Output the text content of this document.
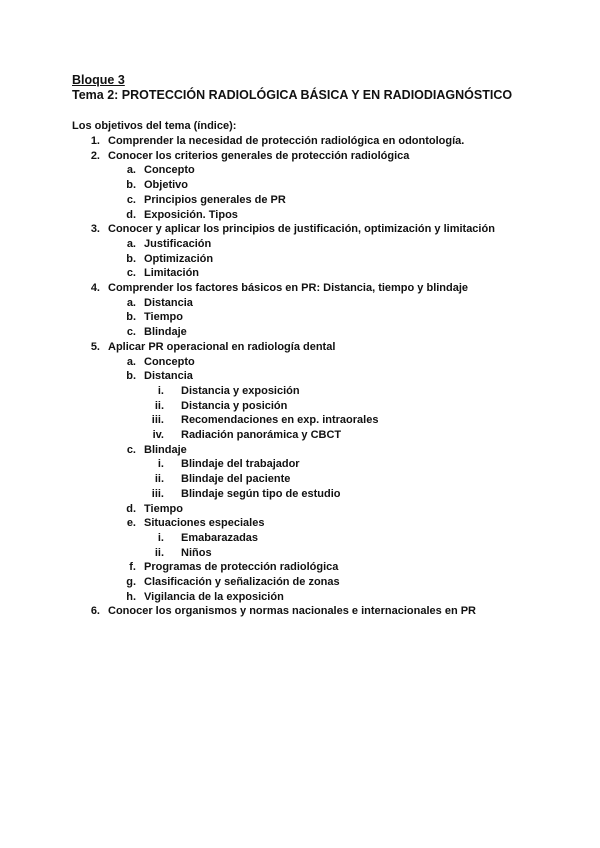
Bloque 3
Tema 2: PROTECCIÓN RADIOLÓGICA BÁSICA Y EN RADIODIAGNÓSTICO
Los objetivos del tema (índice):
1. Comprender la necesidad de protección radiológica en odontología.
2. Conocer los criterios generales de protección radiológica
a. Concepto
b. Objetivo
c. Principios generales de PR
d. Exposición. Tipos
3. Conocer y aplicar los principios de justificación, optimización y limitación
a. Justificación
b. Optimización
c. Limitación
4. Comprender los factores básicos en PR: Distancia, tiempo y blindaje
a. Distancia
b. Tiempo
c. Blindaje
5. Aplicar PR operacional en radiología dental
a. Concepto
b. Distancia
i. Distancia y exposición
ii. Distancia y posición
iii. Recomendaciones en exp. intraorales
iv. Radiación panorámica y CBCT
c. Blindaje
i. Blindaje del trabajador
ii. Blindaje del paciente
iii. Blindaje según tipo de estudio
d. Tiempo
e. Situaciones especiales
i. Emabarazadas
ii. Niños
f. Programas de protección radiológica
g. Clasificación y señalización de zonas
h. Vigilancia de la exposición
6. Conocer los organismos y normas nacionales e internacionales en PR
